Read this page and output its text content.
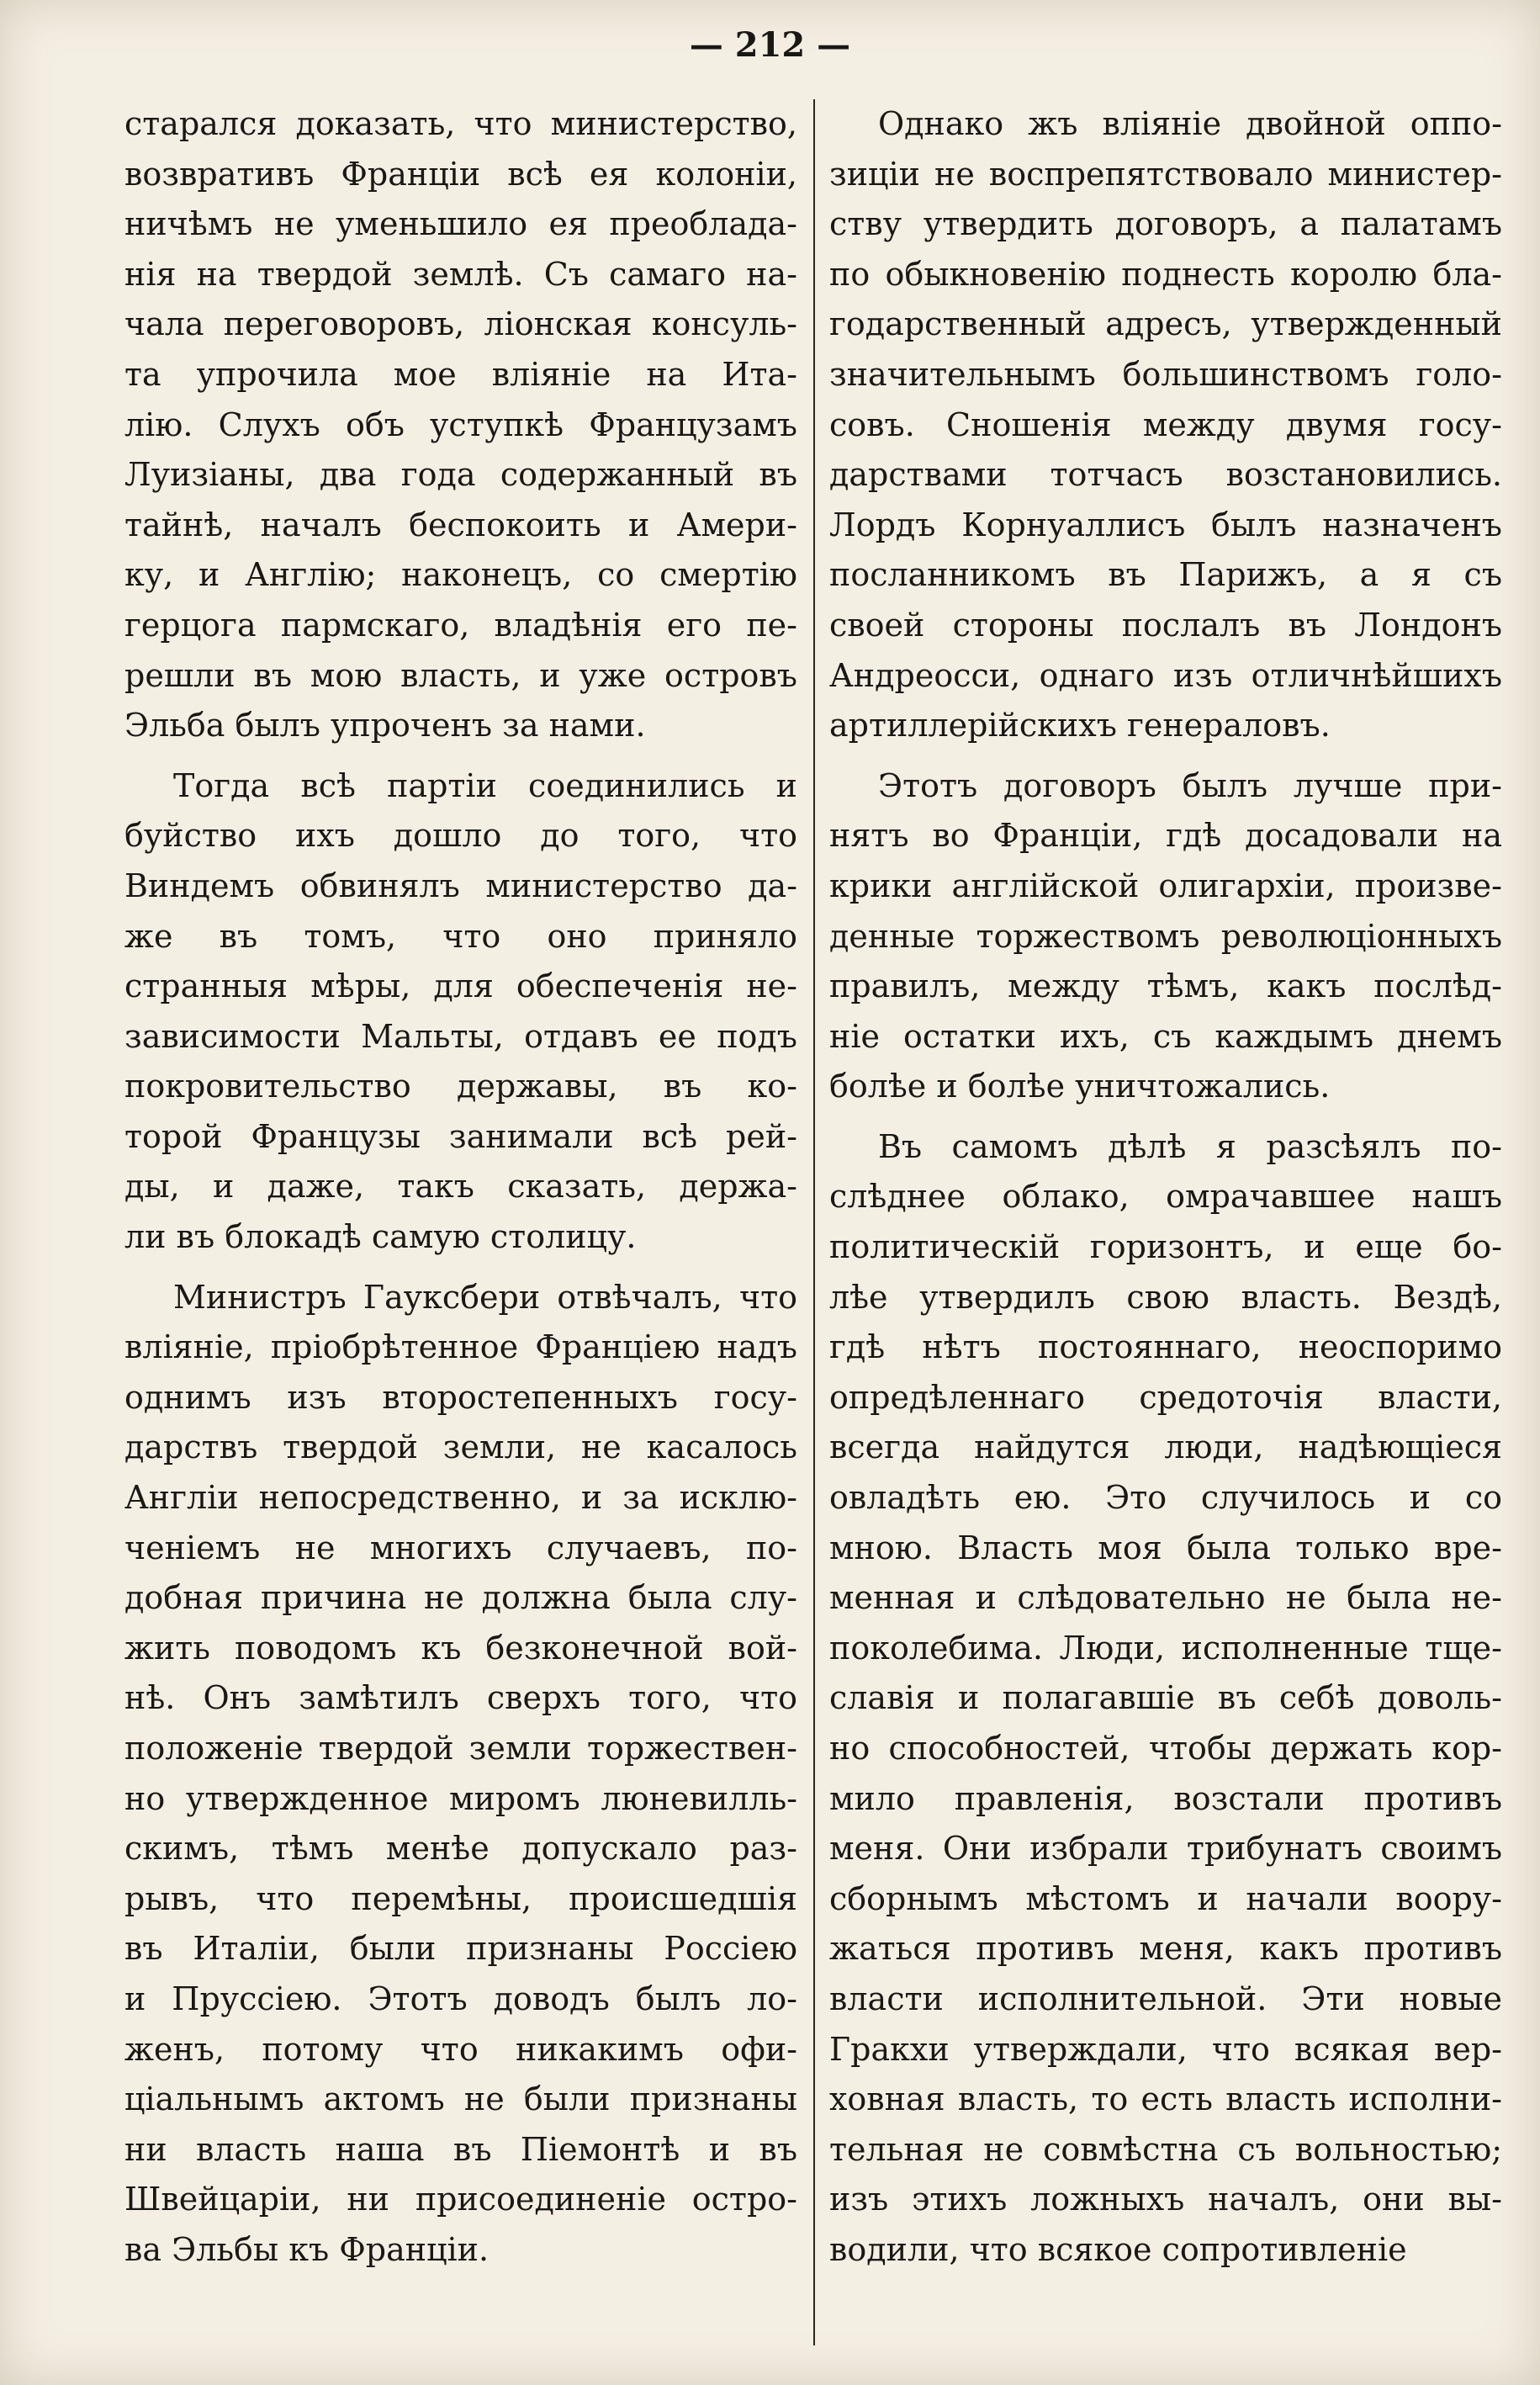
— 212 —
старался доказать, что министерство,
возвративъ Франціи всѣ ея колоніи,
ничѣмъ не уменьшило ея преоблада-
нія на твердой землѣ. Съ самаго на-
чала переговоровъ, ліонская консуль-
та упрочила мое вліяніе на Ита-
лію. Слухъ объ уступкѣ Французамъ
Луизіаны, два года содержанный въ
тайнѣ, началъ беспокоить и Амери-
ку, и Англію; наконецъ, со смертію
герцога пармскаго, владѣнія его пе-
решли въ мою власть, и уже островъ
Эльба былъ упроченъ за нами.
Тогда всѣ партіи соединились и
буйство ихъ дошло до того, что
Виндемъ обвинялъ министерство да-
же въ томъ, что оно приняло
странныя мѣры, для обеспеченія не-
зависимости Мальты, отдавъ ее подъ
покровительство державы, въ ко-
торой Французы занимали всѣ рей-
ды, и даже, такъ сказать, держа-
ли въ блокадѣ самую столицу.
Министръ Гауксбери отвѣчалъ, что
вліяніе, пріобрѣтенное Франціею надъ
однимъ изъ второстепенныхъ госу-
дарствъ твердой земли, не касалось
Англіи непосредственно, и за исклю-
ченіемъ не многихъ случаевъ, по-
добная причина не должна была слу-
жить поводомъ къ безконечной вой-
нѣ. Онъ замѣтилъ сверхъ того, что
положеніе твердой земли торжествен-
но утвержденное миромъ люневилль-
скимъ, тѣмъ менѣе допускало раз-
рывъ, что перемѣны, происшедшія
въ Италіи, были признаны Россіею
и Пруссіею. Этотъ доводъ былъ ло-
женъ, потому что никакимъ офи-
ціальнымъ актомъ не были признаны
ни власть наша въ Піемонтѣ и въ
Швейцаріи, ни присоединеніе остро-
ва Эльбы къ Франціи.
Однако жъ вліяніе двойной оппо-
зиціи не воспрепятствовало министер-
ству утвердить договоръ, а палатамъ
по обыкновенію поднесть королю бла-
годарственный адресъ, утвержденный
значительнымъ большинствомъ голо-
совъ. Сношенія между двумя госу-
дарствами тотчасъ возстановились.
Лордъ Корнуаллисъ былъ назначенъ
посланникомъ въ Парижъ, а я съ
своей стороны послалъ въ Лондонъ
Андреосси, однаго изъ отличнѣйшихъ
артиллерійскихъ генераловъ.
Этотъ договоръ былъ лучше при-
нятъ во Франціи, гдѣ досадовали на
крики англійской олигархіи, произве-
денные торжествомъ революціонныхъ
правилъ, между тѣмъ, какъ послѣд-
ніе остатки ихъ, съ каждымъ днемъ
болѣе и болѣе уничтожались.
Въ самомъ дѣлѣ я разсѣялъ по-
слѣднее облако, омрачавшее нашъ
политическій горизонтъ, и еще бо-
лѣе утвердилъ свою власть. Вездѣ,
гдѣ нѣтъ постояннаго, неоспоримо
опредѣленнаго средоточія власти,
всегда найдутся люди, надѣющіеся
овладѣть ею. Это случилось и со
мною. Власть моя была только вре-
менная и слѣдовательно не была не-
поколебима. Люди, исполненные тще-
славія и полагавшіе въ себѣ доволь-
но способностей, чтобы держать кор-
мило правленія, возстали противъ
меня. Они избрали трибунатъ своимъ
сборнымъ мѣстомъ и начали воору-
жаться противъ меня, какъ противъ
власти исполнительной. Эти новые
Гракхи утверждали, что всякая вер-
ховная власть, то есть власть исполни-
тельная не совмѣстна съ вольностью;
изъ этихъ ложныхъ началъ, они вы-
водили, что всякое сопротивленіе
